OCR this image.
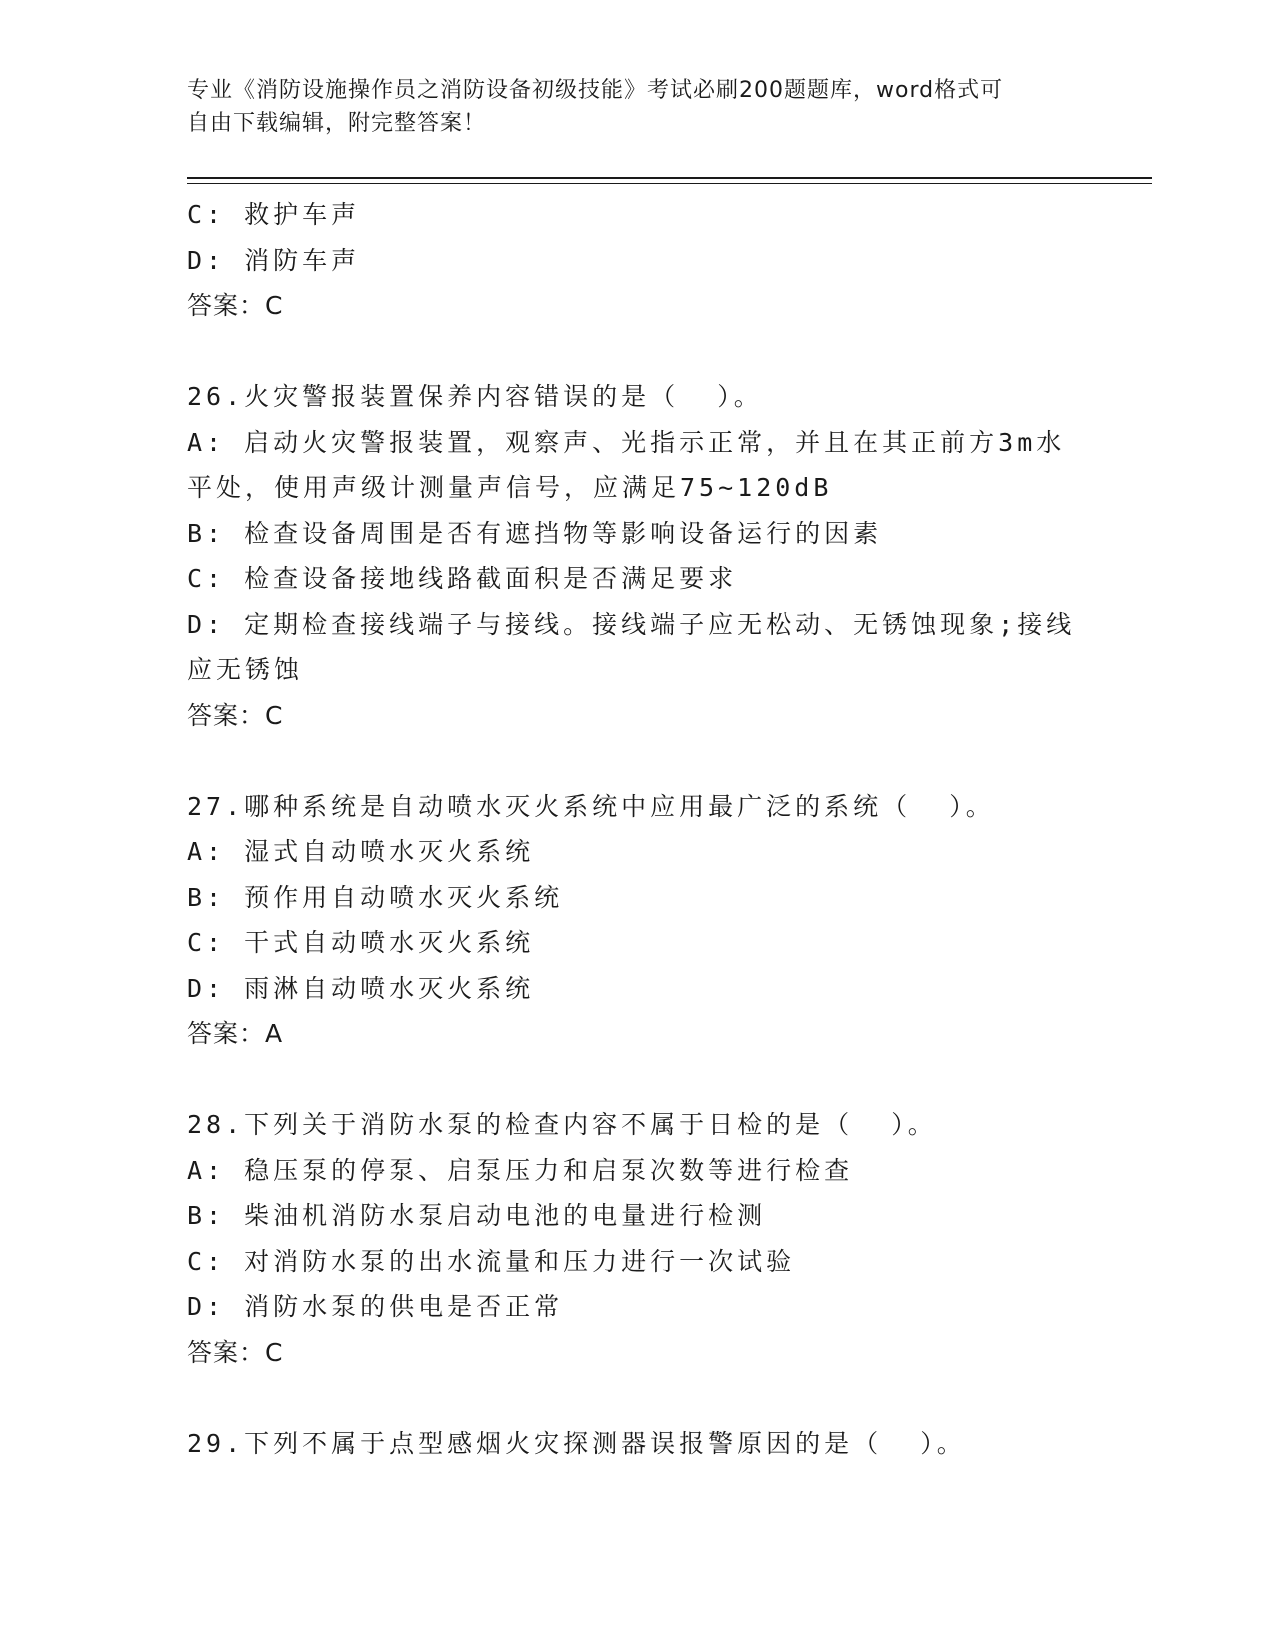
专业《消防设施操作员之消防设备初级技能》考试必刷200题题库，word格式可
自由下载编辑，附完整答案！
C: 救护车声
D: 消防车声
答案：C
26.火灾警报装置保养内容错误的是（  ）。
A: 启动火灾警报装置，观察声、光指示正常，并且在其正前方3m水
平处，使用声级计测量声信号，应满足75~120dB
B: 检查设备周围是否有遮挡物等影响设备运行的因素
C: 检查设备接地线路截面积是否满足要求
D: 定期检查接线端子与接线。接线端子应无松动、无锈蚀现象;接线
应无锈蚀
答案：C
27.哪种系统是自动喷水灭火系统中应用最广泛的系统（  ）。
A: 湿式自动喷水灭火系统
B: 预作用自动喷水灭火系统
C: 干式自动喷水灭火系统
D: 雨淋自动喷水灭火系统
答案：A
28.下列关于消防水泵的检查内容不属于日检的是（  ）。
A: 稳压泵的停泵、启泵压力和启泵次数等进行检查
B: 柴油机消防水泵启动电池的电量进行检测
C: 对消防水泵的出水流量和压力进行一次试验
D: 消防水泵的供电是否正常
答案：C
29.下列不属于点型感烟火灾探测器误报警原因的是（  ）。
